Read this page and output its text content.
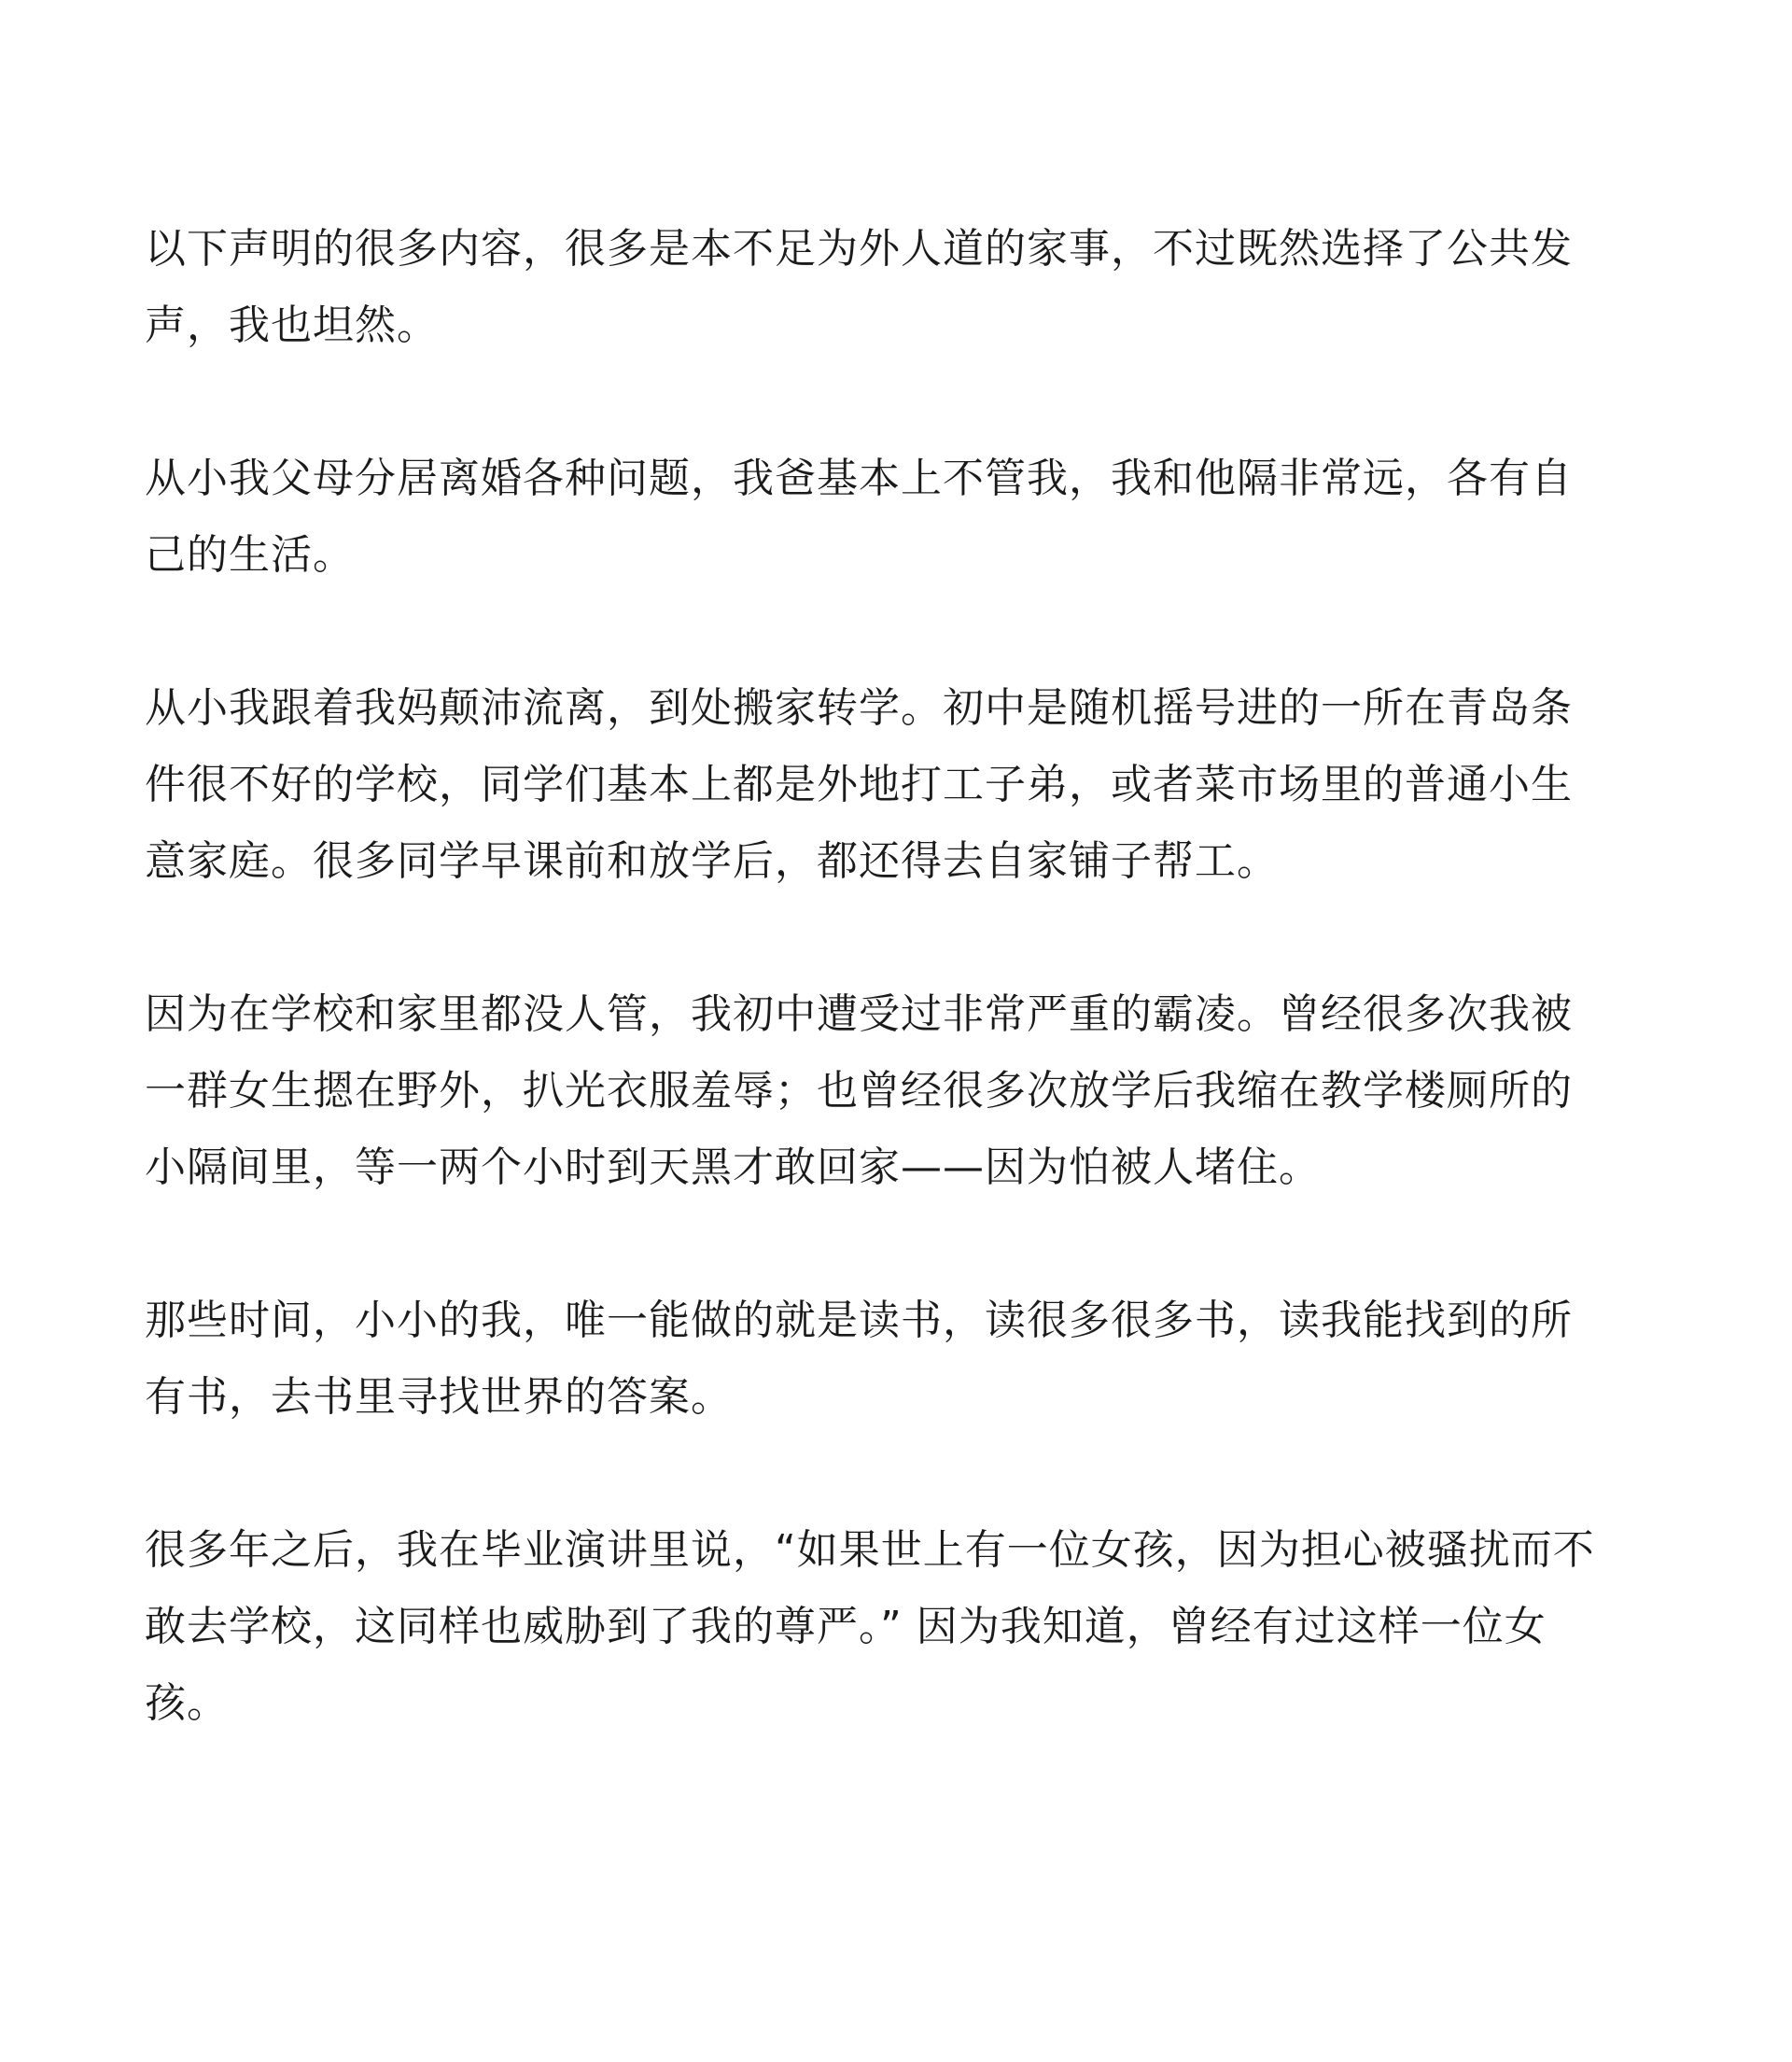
以下声明的很多内容，很多是本不足为外人道的家事，不过既然选择了公共发
声，我也坦然。
从小我父母分居离婚各种问题，我爸基本上不管我，我和他隔非常远，各有自
己的生活。
从小我跟着我妈颠沛流离，到处搬家转学。初中是随机摇号进的一所在青岛条
件很不好的学校，同学们基本上都是外地打工子弟，或者菜市场里的普通小生
意家庭。很多同学早课前和放学后，都还得去自家铺子帮工。
因为在学校和家里都没人管，我初中遭受过非常严重的霸凌。曾经很多次我被
一群女生摁在野外，扒光衣服羞辱；也曾经很多次放学后我缩在教学楼厕所的
小隔间里，等一两个小时到天黑才敢回家——因为怕被人堵住。
那些时间，小小的我，唯一能做的就是读书，读很多很多书，读我能找到的所
有书，去书里寻找世界的答案。
很多年之后，我在毕业演讲里说，“如果世上有一位女孩，因为担心被骚扰而不
敢去学校，这同样也威胁到了我的尊严。” 因为我知道，曾经有过这样一位女
孩。
